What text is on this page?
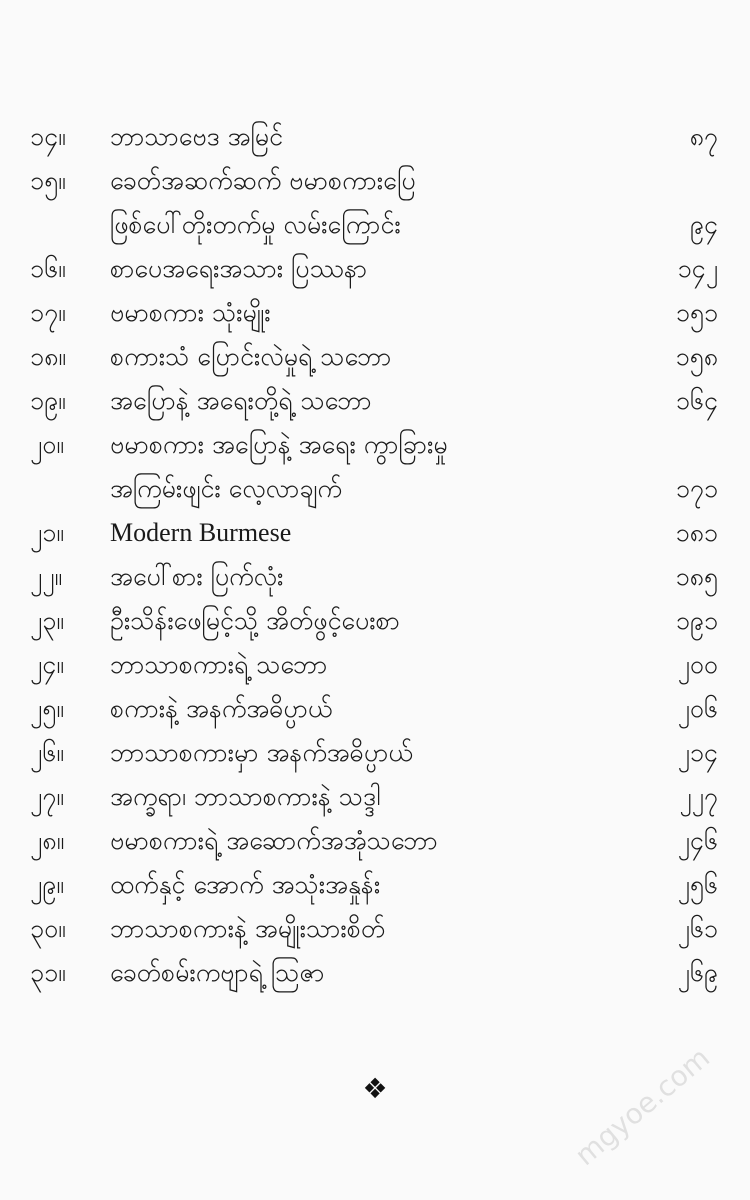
၁၄။ ဘာသာဗေဒ အမြင်	၈၇
၁၅။ ခေတ်အဆက်ဆက် ဗမာစကားပြေ
ဖြစ်ပေါ်တိုးတက်မှု လမ်းကြောင်း	၉၄
၁၆။ စာပေအရေးအသား ပြဿနာ	၁၄၂
၁၇။ ဗမာစကား သုံးမျိုး	၁၅၁
၁၈။ စကားသံ ပြောင်းလဲမှုရဲ့ သဘော	၁၅၈
၁၉။ အပြောနဲ့ အရေးတို့ရဲ့ သဘော	၁၆၄
၂၀။ ဗမာစကား အပြောနဲ့ အရေး ကွာခြားမှု
အကြမ်းဖျင်း လေ့လာချက်	၁၇၁
၂၁။ Modern Burmese	၁၈၁
၂၂။ အပေါ်စား ပြက်လုံး	၁၈၅
၂၃။ ဦးသိန်းဖေမြင့်သို့ အိတ်ဖွင့်ပေးစာ	၁၉၁
၂၄။ ဘာသာစကားရဲ့ သဘော	၂၀၀
၂၅။ စကားနဲ့ အနက်အဓိပ္ပာယ်	၂၀၆
၂၆။ ဘာသာစကားမှာ အနက်အဓိပ္ပာယ်	၂၁၄
၂၇။ အက္ခရာ၊ ဘာသာစကားနဲ့ သဒ္ဒါ	၂၂၇
၂၈။ ဗမာစကားရဲ့ အဆောက်အအုံသဘော	၂၄၆
၂၉။ ထက်နှင့် အောက် အသုံးအနှုန်း	၂၅၆
၃၀။ ဘာသာစကားနဲ့ အမျိုးသားစိတ်	၂၆၁
၃၁။ ခေတ်စမ်းကဗျာရဲ့ သြဇာ	၂၆၉
❖	mgyoe.com
